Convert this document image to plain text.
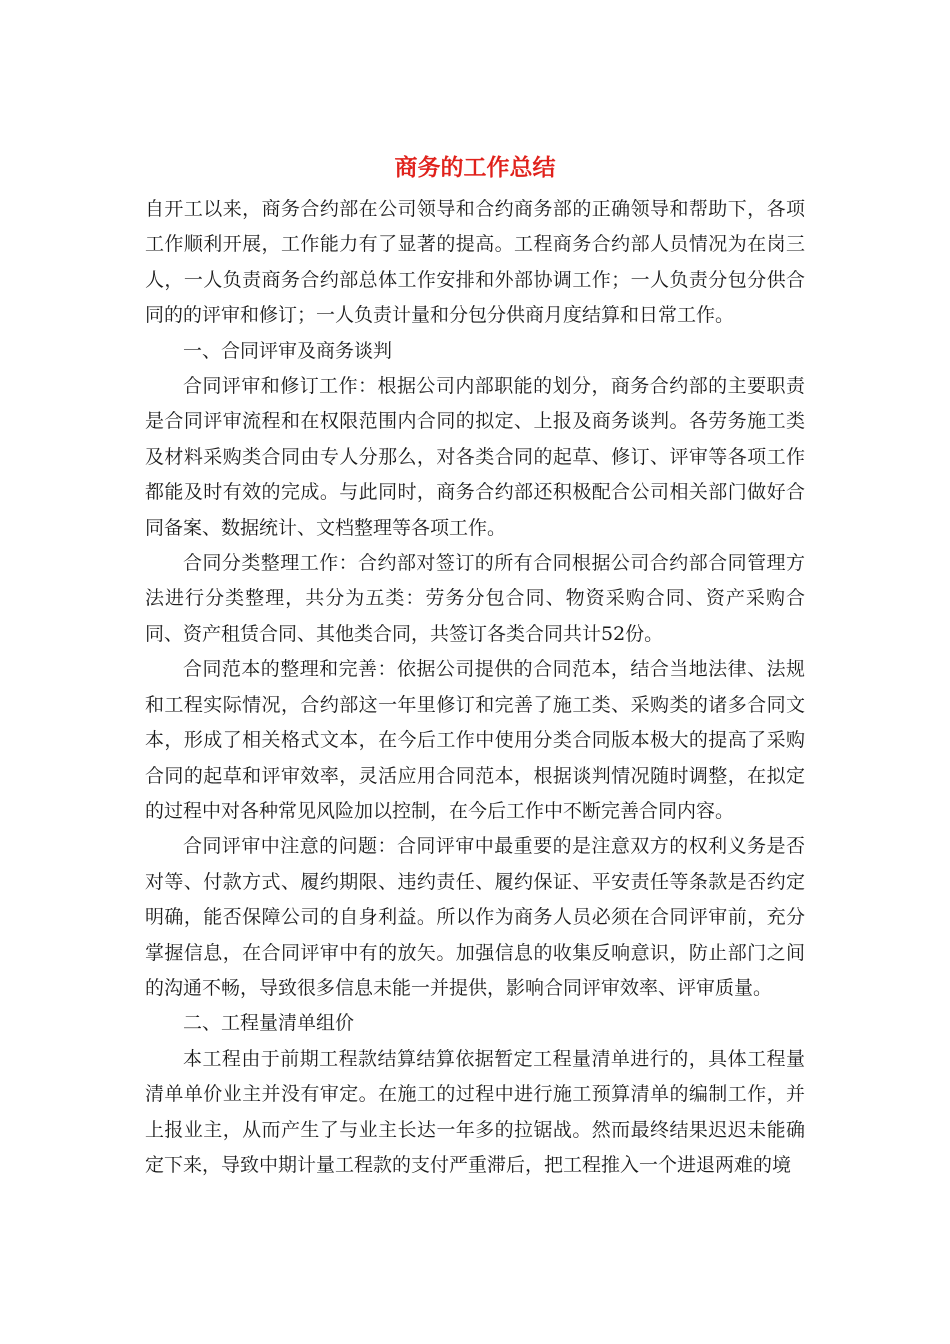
商务的工作总结

自开工以来，商务合约部在公司领导和合约商务部的正确领导和帮助下，各项工作顺利开展，工作能力有了显著的提高。工程商务合约部人员情况为在岗三人，一人负责商务合约部总体工作安排和外部协调工作；一人负责分包分供合同的的评审和修订；一人负责计量和分包分供商月度结算和日常工作。

一、合同评审及商务谈判

合同评审和修订工作：根据公司内部职能的划分，商务合约部的主要职责是合同评审流程和在权限范围内合同的拟定、上报及商务谈判。各劳务施工类及材料采购类合同由专人分那么，对各类合同的起草、修订、评审等各项工作都能及时有效的完成。与此同时，商务合约部还积极配合公司相关部门做好合同备案、数据统计、文档整理等各项工作。

合同分类整理工作：合约部对签订的所有合同根据公司合约部合同管理方法进行分类整理，共分为五类：劳务分包合同、物资采购合同、资产采购合同、资产租赁合同、其他类合同，共签订各类合同共计52份。

合同范本的整理和完善：依据公司提供的合同范本，结合当地法律、法规和工程实际情况，合约部这一年里修订和完善了施工类、采购类的诸多合同文本，形成了相关格式文本，在今后工作中使用分类合同版本极大的提高了采购合同的起草和评审效率，灵活应用合同范本，根据谈判情况随时调整，在拟定的过程中对各种常见风险加以控制，在今后工作中不断完善合同内容。

合同评审中注意的问题：合同评审中最重要的是注意双方的权利义务是否对等、付款方式、履约期限、违约责任、履约保证、平安责任等条款是否约定明确，能否保障公司的自身利益。所以作为商务人员必须在合同评审前，充分掌握信息，在合同评审中有的放矢。加强信息的收集反响意识，防止部门之间的沟通不畅，导致很多信息未能一并提供，影响合同评审效率、评审质量。

二、工程量清单组价

本工程由于前期工程款结算结算依据暂定工程量清单进行的，具体工程量清单单价业主并没有审定。在施工的过程中进行施工预算清单的编制工作，并上报业主，从而产生了与业主长达一年多的拉锯战。然而最终结果迟迟未能确定下来，导致中期计量工程款的支付严重滞后，把工程推入一个进退两难的境
